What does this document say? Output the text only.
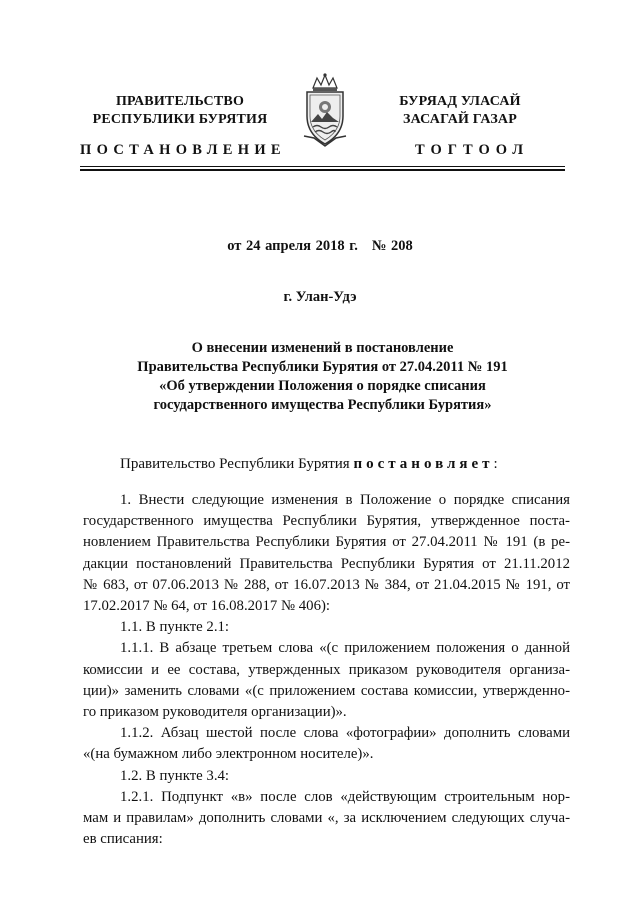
ПРАВИТЕЛЬСТВО
РЕСПУБЛИКИ БУРЯТИЯ
БУРЯАД УЛАСАЙ
ЗАСАГАЙ ГАЗАР
ПОСТАНОВЛЕНИЕ	ТОГТООЛ
от 24 апреля 2018 г. № 208
г. Улан-Удэ
О внесении изменений в постановление
Правительства Республики Бурятия от 27.04.2011 № 191
«Об утверждении Положения о порядке списания
государственного имущества Республики Бурятия»
Правительство Республики Бурятия постановляет:
1. Внести следующие изменения в Положение о порядке списания
государственного имущества Республики Бурятия, утвержденное поста-
новлением Правительства Республики Бурятия от 27.04.2011 № 191 (в ре-
дакции постановлений Правительства Республики Бурятия от 21.11.2012
№ 683, от 07.06.2013 № 288, от 16.07.2013 № 384, от 21.04.2015 № 191, от
17.02.2017 № 64, от 16.08.2017 № 406):
1.1. В пункте 2.1:
1.1.1. В абзаце третьем слова «(с приложением положения о данной
комиссии и ее состава, утвержденных приказом руководителя организа-
ции)» заменить словами «(с приложением состава комиссии, утвержденно-
го приказом руководителя организации)».
1.1.2. Абзац шестой после слова «фотографии» дополнить словами
«(на бумажном либо электронном носителе)».
1.2. В пункте 3.4:
1.2.1. Подпункт «в» после слов «действующим строительным нор-
мам и правилам» дополнить словами «, за исключением следующих случа-
ев списания:
